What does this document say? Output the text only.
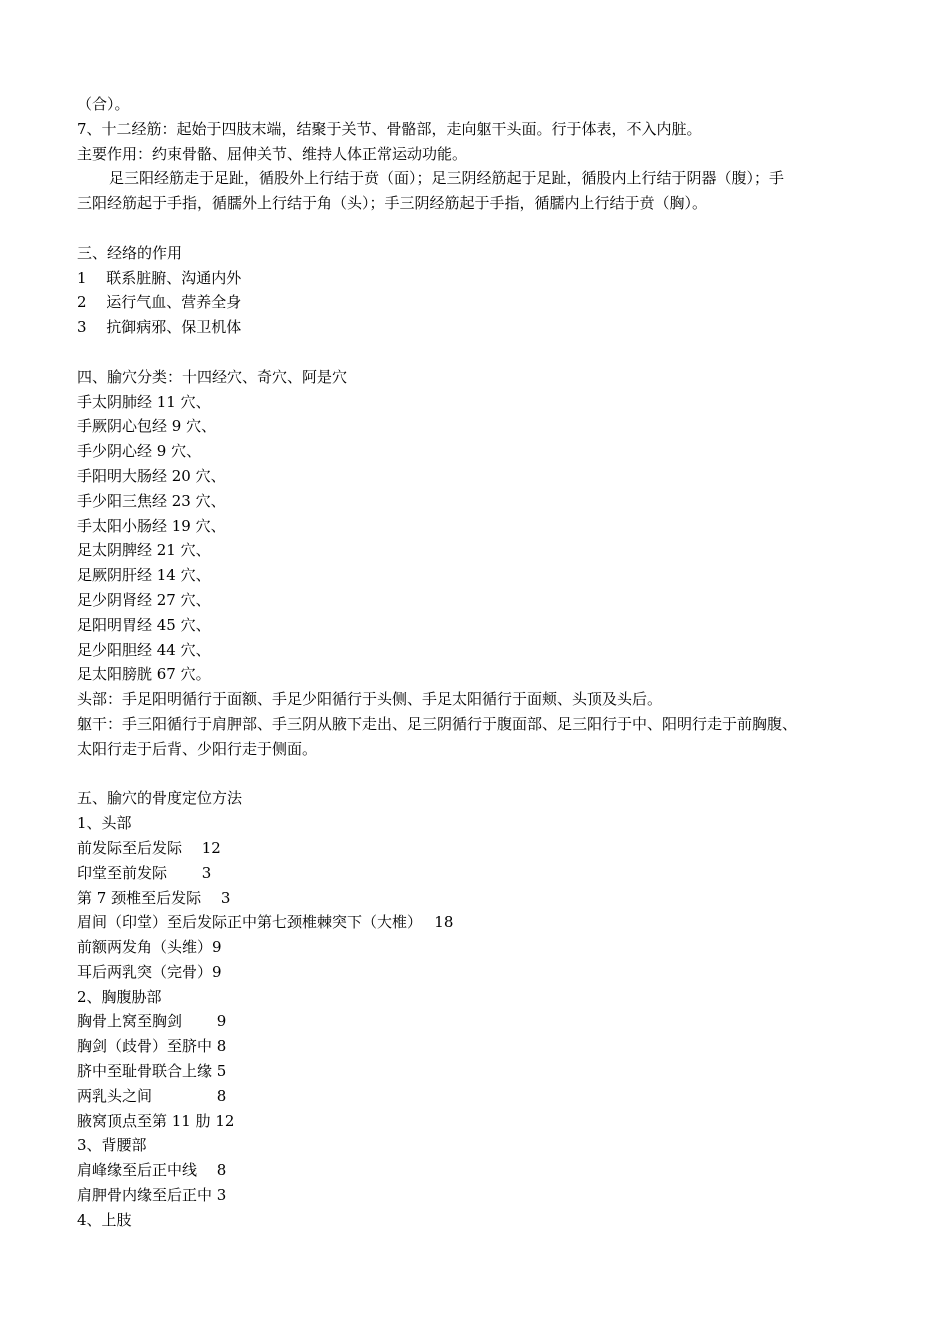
（合）。

7、十二经筋：起始于四肢末端，结聚于关节、骨骼部，走向躯干头面。行于体表，不入内脏。

主要作用：约束骨骼、屈伸关节、维持人体正常运动功能。

足三阳经筋走于足趾，循股外上行结于贲（面）；足三阴经筋起于足趾，循股内上行结于阴器（腹）；手

三阳经筋起于手指，循臑外上行结于角（头）；手三阴经筋起于手指，循臑内上行结于贲（胸）。

三、经络的作用

1　 联系脏腑、沟通内外

2　 运行气血、营养全身

3　 抗御病邪、保卫机体

四、腧穴分类：十四经穴、奇穴、阿是穴

手太阴肺经 11 穴、

手厥阴心包经 9 穴、

手少阴心经 9 穴、

手阳明大肠经 20 穴、

手少阳三焦经 23 穴、

手太阳小肠经 19 穴、

足太阴脾经 21 穴、

足厥阴肝经 14 穴、

足少阴肾经 27 穴、

足阳明胃经 45 穴、

足少阳胆经 44 穴、

足太阳膀胱 67 穴。

头部：手足阳明循行于面额、手足少阳循行于头侧、手足太阳循行于面颊、头顶及头后。

躯干：手三阳循行于肩胛部、手三阴从腋下走出、足三阴循行于腹面部、足三阳行于中、阳明行走于前胸腹、

太阳行走于后背、少阳行走于侧面。

五、腧穴的骨度定位方法

1、头部

前发际至后发际　 12

印堂至前发际　　 3

第 7 颈椎至后发际　 3

眉间（印堂）至后发际正中第七颈椎棘突下（大椎）　 18

前额两发角（头维）9

耳后两乳突（完骨）9

2、胸腹胁部

胸骨上窝至胸剑　　 9

胸剑（歧骨）至脐中 8

脐中至耻骨联合上缘 5

两乳头之间　　　　 8

腋窝顶点至第 11 肋 12

3、背腰部

肩峰缘至后正中线　 8

肩胛骨内缘至后正中 3

4、上肢
